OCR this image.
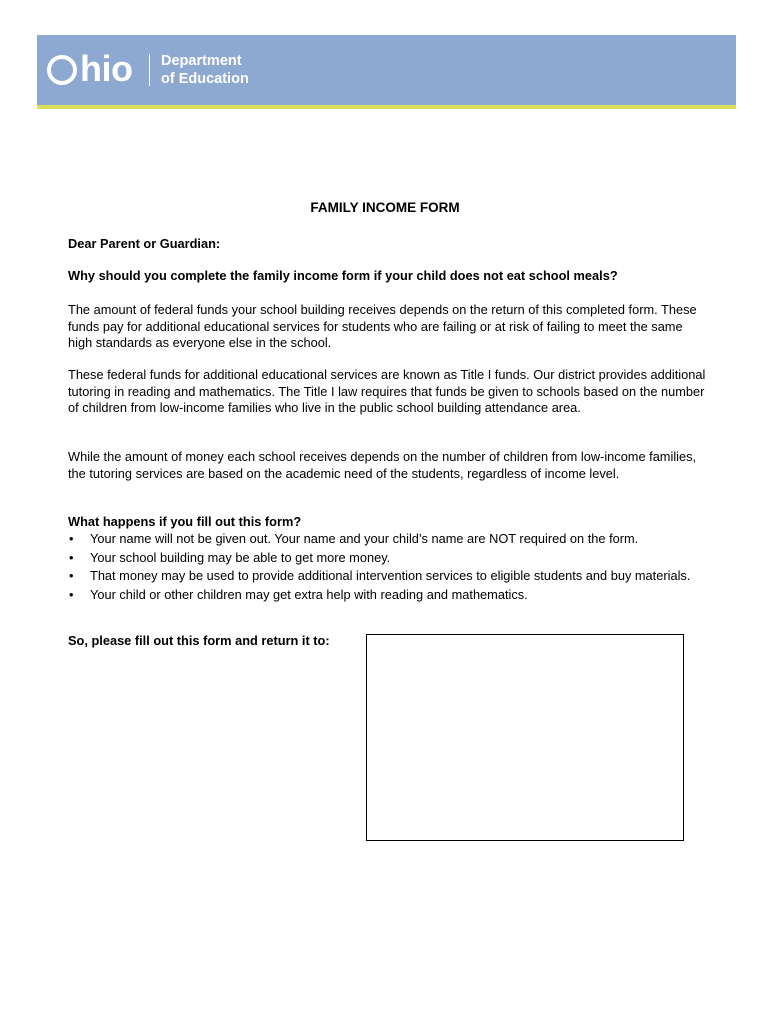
hio Department
of Education
FAMILY INCOME FORM
Dear Parent or Guardian:
Why should you complete the family income form if your child does not eat school meals?
The amount of federal funds your school building receives depends on the return of this completed form. These funds pay for additional educational services for students who are failing or at risk of failing to meet the same high standards as everyone else in the school.
These federal funds for additional educational services are known as Title I funds. Our district provides additional tutoring in reading and mathematics. The Title I law requires that funds be given to schools based on the number of children from low-income families who live in the public school building attendance area.
While the amount of money each school receives depends on the number of children from low-income families, the tutoring services are based on the academic need of the students, regardless of income level.
What happens if you fill out this form?
• Your name will not be given out. Your name and your child’s name are NOT required on the form.
• Your school building may be able to get more money.
• That money may be used to provide additional intervention services to eligible students and buy materials.
• Your child or other children may get extra help with reading and mathematics.
So, please fill out this form and return it to:
